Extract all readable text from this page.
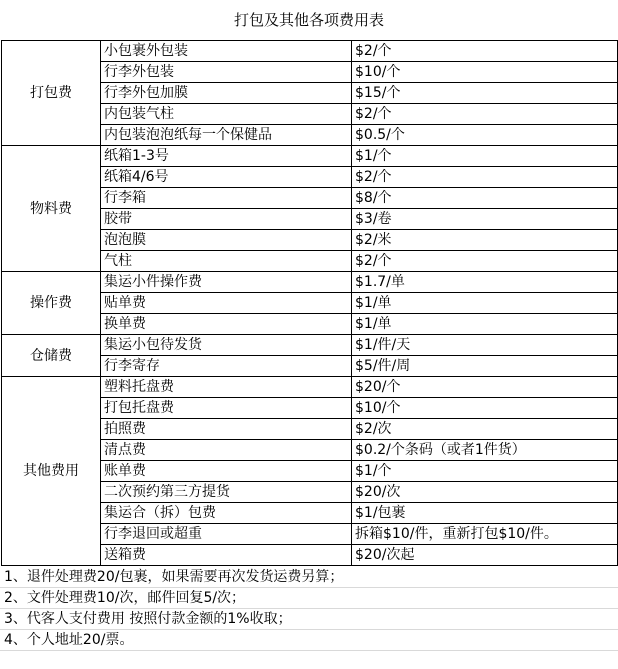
打包及其他各项费用表
打包费	小包裹外包装	$2/个
	行李外包装	$10/个
	行李外包加膜	$15/个
	内包装气柱	$2/个
	内包装泡泡纸每一个保健品	$0.5/个
物料费	纸箱1-3号	$1/个
	纸箱4/6号	$2/个
	行李箱	$8/个
	胶带	$3/卷
	泡泡膜	$2/米
	气柱	$2/个
操作费	集运小件操作费	$1.7/单
	贴单费	$1/单
	换单费	$1/单
仓储费	集运小包待发货	$1/件/天
	行李寄存	$5/件/周
其他费用	塑料托盘费	$20/个
	打包托盘费	$10/个
	拍照费	$2/次
	清点费	$0.2/个条码（或者1件货）
	账单费	$1/个
	二次预约第三方提货	$20/次
	集运合（拆）包费	$1/包裹
	行李退回或超重	拆箱$10/件，重新打包$10/件。
	送箱费	$20/次起
1、退件处理费20/包裹，如果需要再次发货运费另算；
2、文件处理费10/次，邮件回复5/次；
3、代客人支付费用 按照付款金额的1%收取；
4、个人地址20/票。
